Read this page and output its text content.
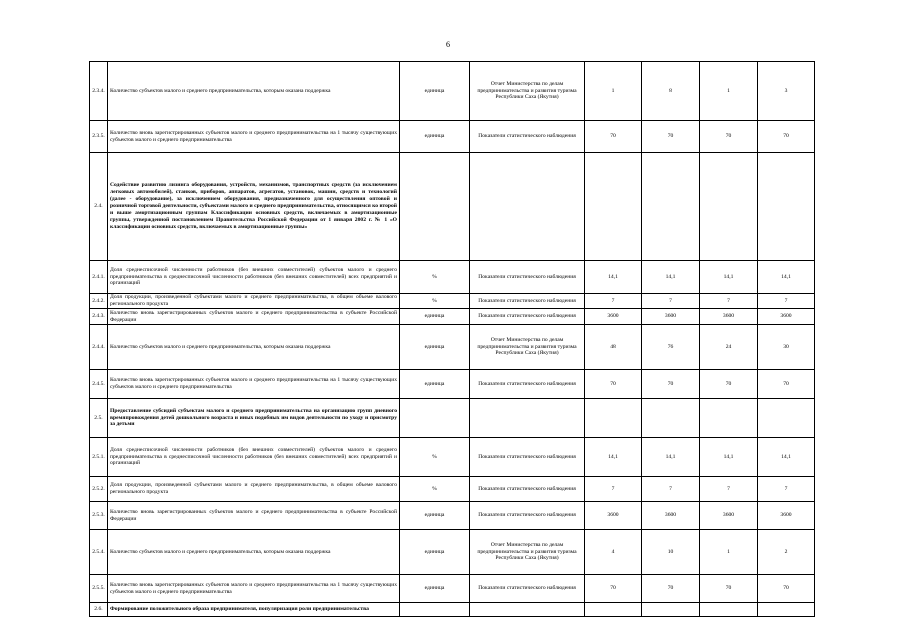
6
2.3.4.	Количество субъектов малого и среднего предпринимательства, которым оказана поддержка	единица	Отчет Министерства по делам предпринимательства и развития туризма Республики Саха (Якутия)	1	8	1	3
2.3.5.	Количество вновь зарегистрированных субъектов малого и среднего предпринимательства на 1 тысячу существующих субъектов малого и среднего предпринимательства	единица	Показатели статистического наблюдения	70	70	70	70
2.4.	Содействие развитию лизинга оборудования, устройств, механизмов, транспортных средств (за исключением легковых автомобилей), станков, приборов, аппаратов, агрегатов, установок, машин, средств и технологий (далее - оборудование), за исключением оборудования, предназначенного для осуществления оптовой и розничной торговой деятельности, субъектами малого и среднего предпринимательства, относящимся ко второй и выше амортизационным группам Классификации основных средств, включаемых в амортизационные группы, утвержденной постановлением Правительства Российской Федерации от 1 января 2002 г. № 1 «О классификации основных средств, включаемых в амортизационные группы»						
2.4.1.	Доля среднесписочной численности работников (без внешних совместителей) субъектов малого и среднего предпринимательства в среднесписочной численности работников (без внешних совместителей) всех предприятий и организаций	%	Показатели статистического наблюдения	14,1	14,1	14,1	14,1
2.4.2.	Доля продукции, произведенной субъектами малого и среднего предпринимательства, в общем объеме валового регионального продукта	%	Показатели статистического наблюдения	7	7	7	7
2.4.3.	Количество вновь зарегистрированных субъектов малого и среднего предпринимательства в субъекте Российской Федерации	единица	Показатели статистического наблюдения	3600	3600	3600	3600
2.4.4.	Количество субъектов малого и среднего предпринимательства, которым оказана поддержка	единица	Отчет Министерства по делам предпринимательства и развития туризма Республики Саха (Якутия)	48	76	24	30
2.4.5.	Количество вновь зарегистрированных субъектов малого и среднего предпринимательства на 1 тысячу существующих субъектов малого и среднего предпринимательства	единица	Показатели статистического наблюдения	70	70	70	70
2.5.	Предоставление субсидий субъектам малого и среднего предпринимательства на организацию групп дневного времяпровождения детей дошкольного возраста и иных подобных им видов деятельности по уходу и присмотру за детьми						
2.5.1.	Доля среднесписочной численности работников (без внешних совместителей) субъектов малого и среднего предпринимательства в среднесписочной численности работников (без внешних совместителей) всех предприятий и организаций	%	Показатели статистического наблюдения	14,1	14,1	14,1	14,1
2.5.2.	Доля продукции, произведенной субъектами малого и среднего предпринимательства, в общем объеме валового регионального продукта	%	Показатели статистического наблюдения	7	7	7	7
2.5.3.	Количество вновь зарегистрированных субъектов малого и среднего предпринимательства в субъекте Российской Федерации	единица	Показатели статистического наблюдения	3600	3600	3600	3600
2.5.4.	Количество субъектов малого и среднего предпринимательства, которым оказана поддержка	единица	Отчет Министерства по делам предпринимательства и развития туризма Республики Саха (Якутия)	4	10	1	2
2.5.5.	Количество вновь зарегистрированных субъектов малого и среднего предпринимательства на 1 тысячу существующих субъектов малого и среднего предпринимательства	единица	Показатели статистического наблюдения	70	70	70	70
2.6.	Формирование положительного образа предпринимателя, популяризация роли предпринимательства						
